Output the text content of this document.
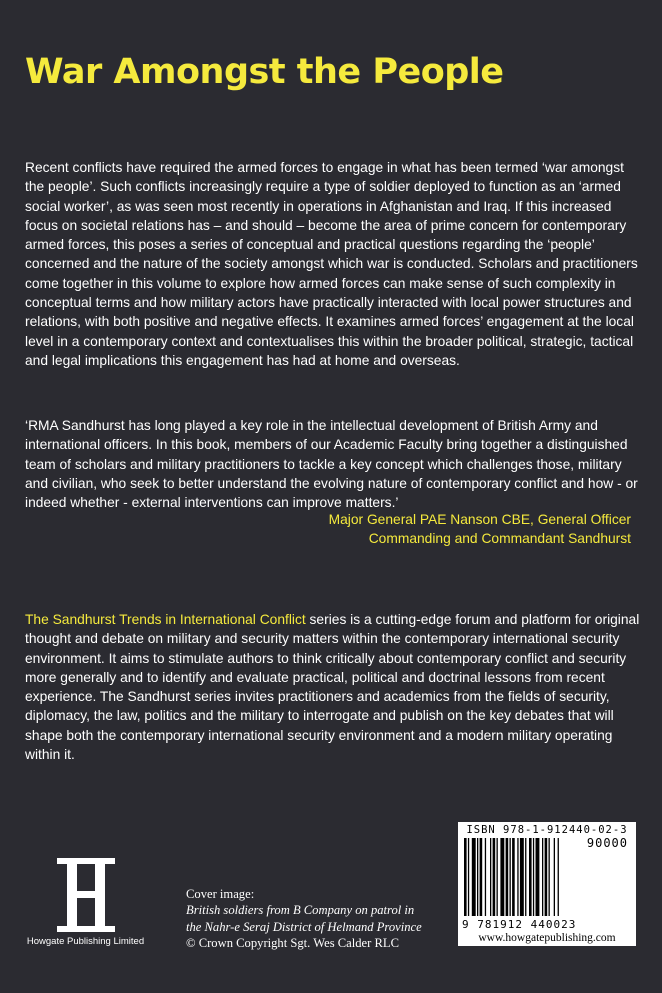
War Amongst the People

Recent conflicts have required the armed forces to engage in what has been termed ‘war amongst the people’. Such conflicts increasingly require a type of soldier deployed to function as an ‘armed social worker’, as was seen most recently in operations in Afghanistan and Iraq. If this increased focus on societal relations has – and should – become the area of prime concern for contemporary armed forces, this poses a series of conceptual and practical questions regarding the ‘people’ concerned and the nature of the society amongst which war is conducted. Scholars and practitioners come together in this volume to explore how armed forces can make sense of such complexity in conceptual terms and how military actors have practically interacted with local power structures and relations, with both positive and negative effects. It examines armed forces’ engagement at the local level in a contemporary context and contextualises this within the broader political, strategic, tactical and legal implications this engagement has had at home and overseas.

‘RMA Sandhurst has long played a key role in the intellectual development of British Army and international officers. In this book, members of our Academic Faculty bring together a distinguished team of scholars and military practitioners to tackle a key concept which challenges those, military and civilian, who seek to better understand the evolving nature of contemporary conflict and how - or indeed whether - external interventions can improve matters.’

Major General PAE Nanson CBE, General Officer
Commanding and Commandant Sandhurst

The Sandhurst Trends in International Conflict series is a cutting-edge forum and platform for original thought and debate on military and security matters within the contemporary international security environment. It aims to stimulate authors to think critically about contemporary conflict and security more generally and to identify and evaluate practical, political and doctrinal lessons from recent experience. The Sandhurst series invites practitioners and academics from the fields of security, diplomacy, the law, politics and the military to interrogate and publish on the key debates that will shape both the contemporary international security environment and a modern military operating within it.

Howgate Publishing Limited
Cover image:
British soldiers from B Company on patrol in
the Nahr-e Seraj District of Helmand Province
© Crown Copyright Sgt. Wes Calder RLC
ISBN 978-1-912440-02-3
90000
9 781912 440023
www.howgatepublishing.com
